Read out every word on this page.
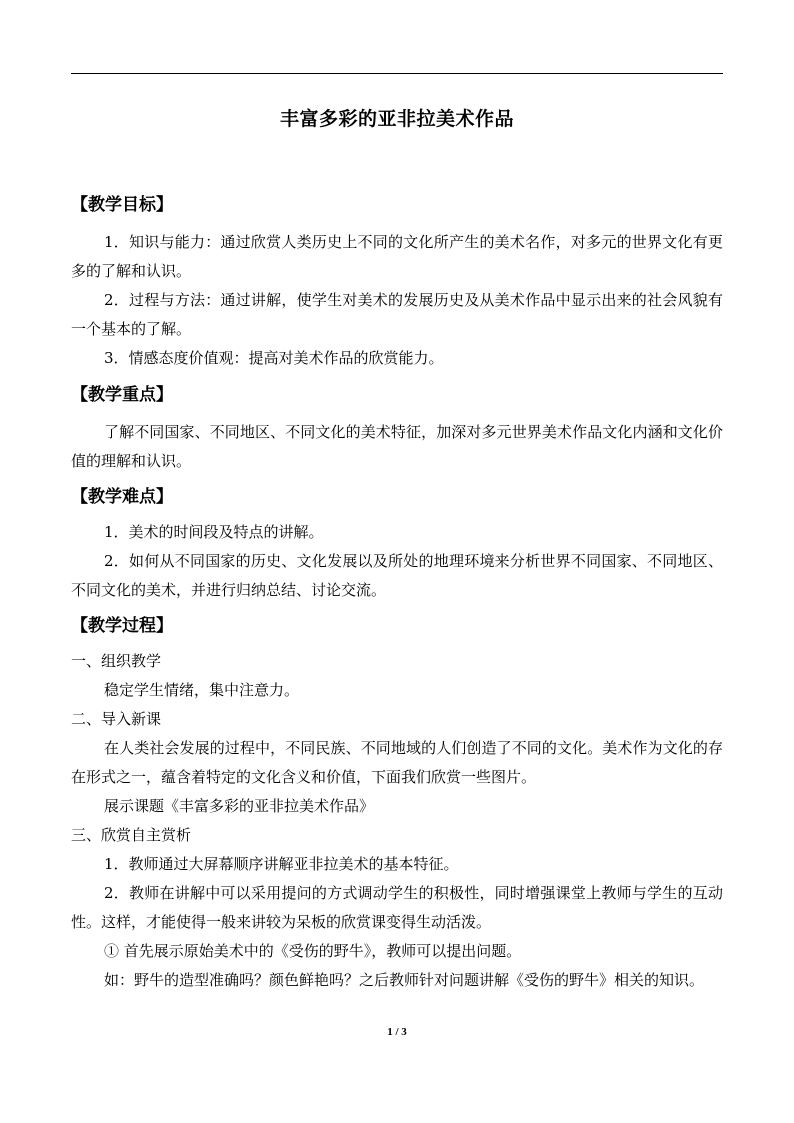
丰富多彩的亚非拉美术作品
【教学目标】
1．知识与能力：通过欣赏人类历史上不同的文化所产生的美术名作，对多元的世界文化有更多的了解和认识。
2．过程与方法：通过讲解，使学生对美术的发展历史及从美术作品中显示出来的社会风貌有一个基本的了解。
3．情感态度价值观：提高对美术作品的欣赏能力。
【教学重点】
了解不同国家、不同地区、不同文化的美术特征，加深对多元世界美术作品文化内涵和文化价值的理解和认识。
【教学难点】
1．美术的时间段及特点的讲解。
2．如何从不同国家的历史、文化发展以及所处的地理环境来分析世界不同国家、不同地区、不同文化的美术，并进行归纳总结、讨论交流。
【教学过程】
一、组织教学
稳定学生情绪，集中注意力。
二、导入新课
在人类社会发展的过程中，不同民族、不同地域的人们创造了不同的文化。美术作为文化的存在形式之一，蕴含着特定的文化含义和价值，下面我们欣赏一些图片。
展示课题《丰富多彩的亚非拉美术作品》
三、欣赏自主赏析
1．教师通过大屏幕顺序讲解亚非拉美术的基本特征。
2．教师在讲解中可以采用提问的方式调动学生的积极性，同时增强课堂上教师与学生的互动性。这样，才能使得一般来讲较为呆板的欣赏课变得生动活泼。
① 首先展示原始美术中的《受伤的野牛》，教师可以提出问题。
如：野牛的造型准确吗？颜色鲜艳吗？之后教师针对问题讲解《受伤的野牛》相关的知识。
1 / 3
